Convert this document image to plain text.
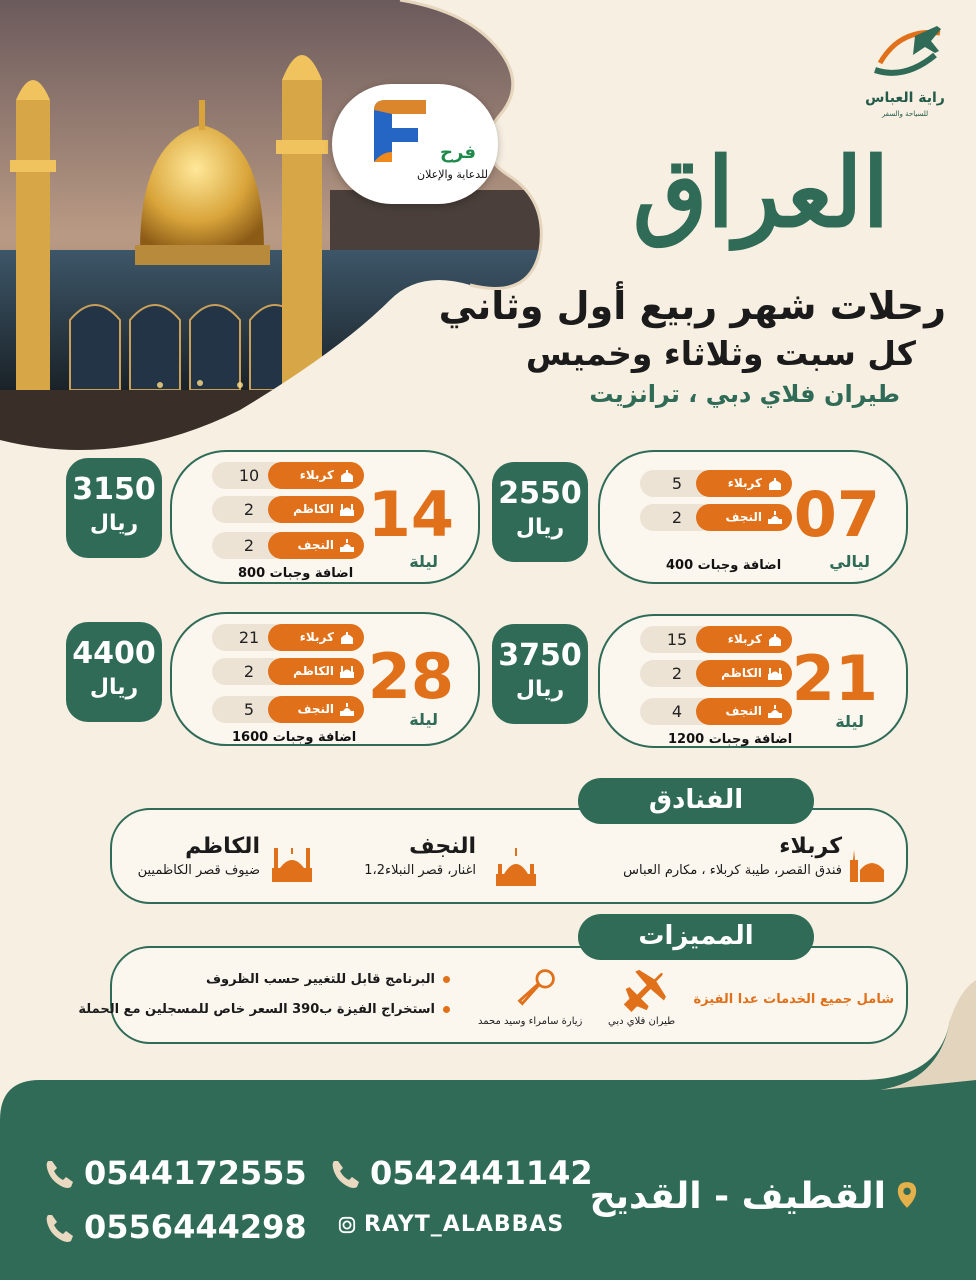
فرح
للدعاية والإعلان
راية العباس
للسياحة والسفر
العراق
رحلات شهر ربيع أول وثاني
كل سبت وثلاثاء وخميس
طيران فلاي دبي ، ترانزيت
07
ليالي
5	كربلاء
2	النجف
اضافة وجبات 400
2550
ريال
14
ليلة
10	كربلاء
2	الكاظم
2	النجف
اضافة وجبات 800
3150
ريال
21
ليلة
15	كربلاء
2	الكاظم
4	النجف
اضافة وجبات 1200
3750
ريال
28
ليلة
21	كربلاء
2	الكاظم
5	النجف
اضافة وجبات 1600
4400
ريال
الفنادق
كربلاء
فندق القصر، طيبة كربلاء ، مكارم العباس
النجف
اغنار، قصر النبلاء1،2
الكاظم
ضيوف قصر الكاظميين
المميزات
شامل جميع الخدمات عدا الفيزة
طيران فلاي دبي
زيارة سامراء وسيد محمد
البرنامج قابل للتغيير حسب الظروف
استخراج الفيزة ب390 السعر خاص للمسجلين مع الحملة
0544172555 0542441142
0556444298	RAYT_ALABBAS
القطيف - القديح
